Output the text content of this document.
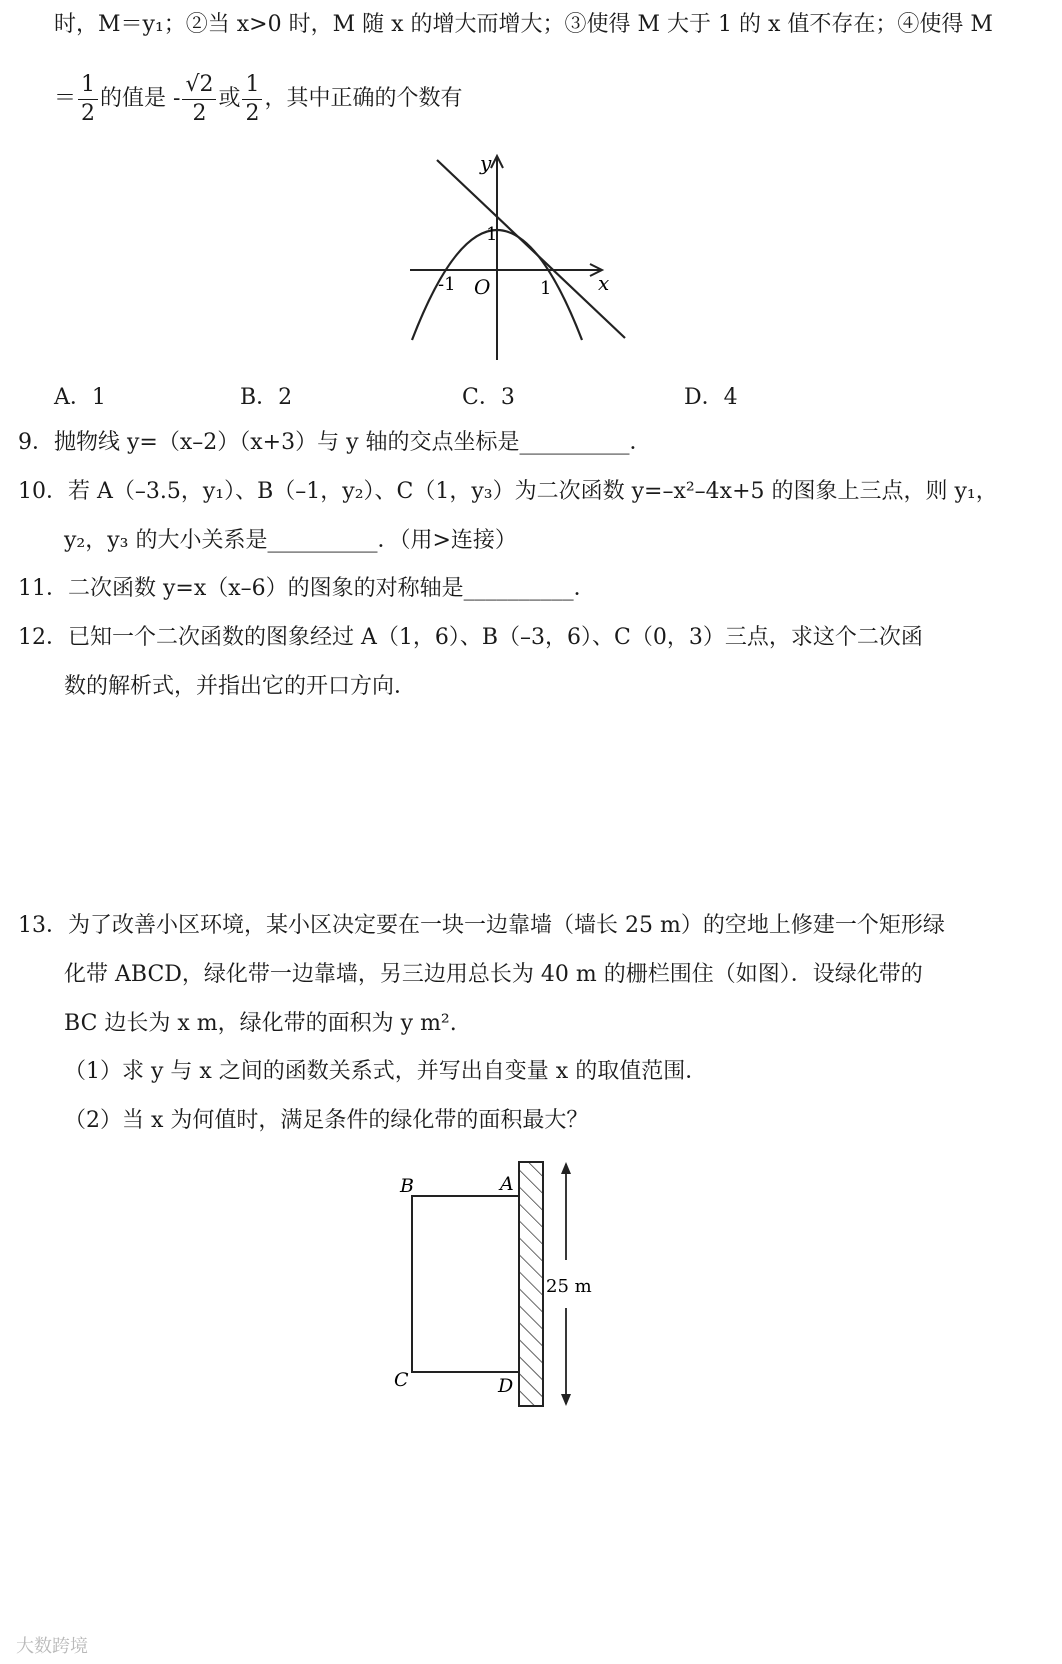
时，M＝y₁；②当 x>0 时，M 随 x 的增大而增大；③使得 M 大于 1 的 x 值不存在；④使得 M
＝ $\frac{1}{2}$ 的值是 - $\frac{√2}{2}$ 或 $\frac{1}{2}$ ，其中正确的个数有
y
x
O
1
-1	1
A．1	B．2	C．3	D．4
9．抛物线 y=（x–2）（x+3）与 y 轴的交点坐标是__________．
10．若 A（–3.5，y₁）、B（–1，y₂）、C（1，y₃）为二次函数 y=–x²–4x+5 的图象上三点，则 y₁，
y₂，y₃ 的大小关系是__________．（用>连接）
11．二次函数 y=x（x–6）的图象的对称轴是__________．
12．已知一个二次函数的图象经过 A（1，6）、B（–3，6）、C（0，3）三点，求这个二次函
数的解析式，并指出它的开口方向．
13．为了改善小区环境，某小区决定要在一块一边靠墙（墙长 25 m）的空地上修建一个矩形绿
化带 ABCD，绿化带一边靠墙，另三边用总长为 40 m 的栅栏围住（如图）．设绿化带的
BC 边长为 x m，绿化带的面积为 y m².
（1）求 y 与 x 之间的函数关系式，并写出自变量 x 的取值范围．
（2）当 x 为何值时，满足条件的绿化带的面积最大？
B	A
C	D
25 m
大数跨境
